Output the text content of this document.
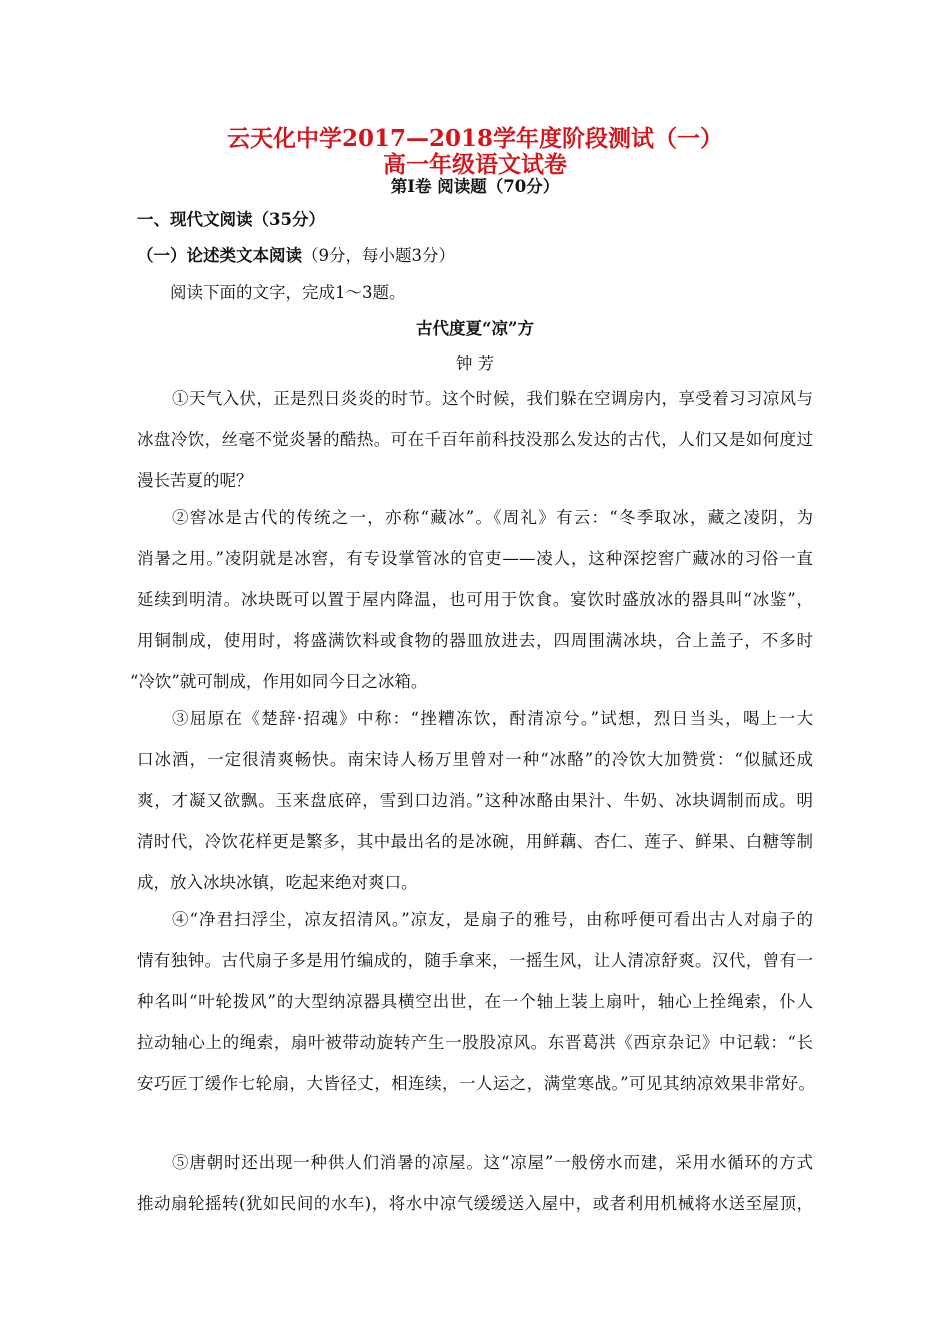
云天化中学2017—2018学年度阶段测试（一）
高一年级语文试卷
第Ⅰ卷 阅读题（70分）
一、现代文阅读（35分）
（一）论述类文本阅读（9分，每小题3分）
阅读下面的文字，完成1～3题。
古代度夏“凉”方
钟 芳
①天气入伏，正是烈日炎炎的时节。这个时候，我们躲在空调房内，享受着习习凉风与
冰盘冷饮，丝毫不觉炎暑的酷热。可在千百年前科技没那么发达的古代，人们又是如何度过
漫长苦夏的呢？
②窖冰是古代的传统之一，亦称“藏冰”。《周礼》有云：“冬季取冰，藏之凌阴，为
消暑之用。”凌阴就是冰窖，有专设掌管冰的官吏——凌人，这种深挖窖广藏冰的习俗一直
延续到明清。冰块既可以置于屋内降温，也可用于饮食。宴饮时盛放冰的器具叫“冰鉴”，
用铜制成，使用时，将盛满饮料或食物的器皿放进去，四周围满冰块，合上盖子，不多时
“冷饮”就可制成，作用如同今日之冰箱。
③屈原在《楚辞·招魂》中称：“挫糟冻饮，酎清凉兮。”试想，烈日当头，喝上一大
口冰酒，一定很清爽畅快。南宋诗人杨万里曾对一种“冰酪”的冷饮大加赞赏：“似腻还成
爽，才凝又欲飘。玉来盘底碎，雪到口边消。”这种冰酪由果汁、牛奶、冰块调制而成。明
清时代，冷饮花样更是繁多，其中最出名的是冰碗，用鲜藕、杏仁、莲子、鲜果、白糖等制
成，放入冰块冰镇，吃起来绝对爽口。
④“净君扫浮尘，凉友招清风。”凉友，是扇子的雅号，由称呼便可看出古人对扇子的
情有独钟。古代扇子多是用竹编成的，随手拿来，一摇生风，让人清凉舒爽。汉代，曾有一
种名叫“叶轮拨风”的大型纳凉器具横空出世，在一个轴上装上扇叶，轴心上拴绳索，仆人
拉动轴心上的绳索，扇叶被带动旋转产生一股股凉风。东晋葛洪《西京杂记》中记载：“长
安巧匠丁缓作七轮扇，大皆径丈，相连续，一人运之，满堂寒战。”可见其纳凉效果非常好。
⑤唐朝时还出现一种供人们消暑的凉屋。这“凉屋”一般傍水而建，采用水循环的方式
推动扇轮摇转(犹如民间的水车)，将水中凉气缓缓送入屋中，或者利用机械将水送至屋顶，
